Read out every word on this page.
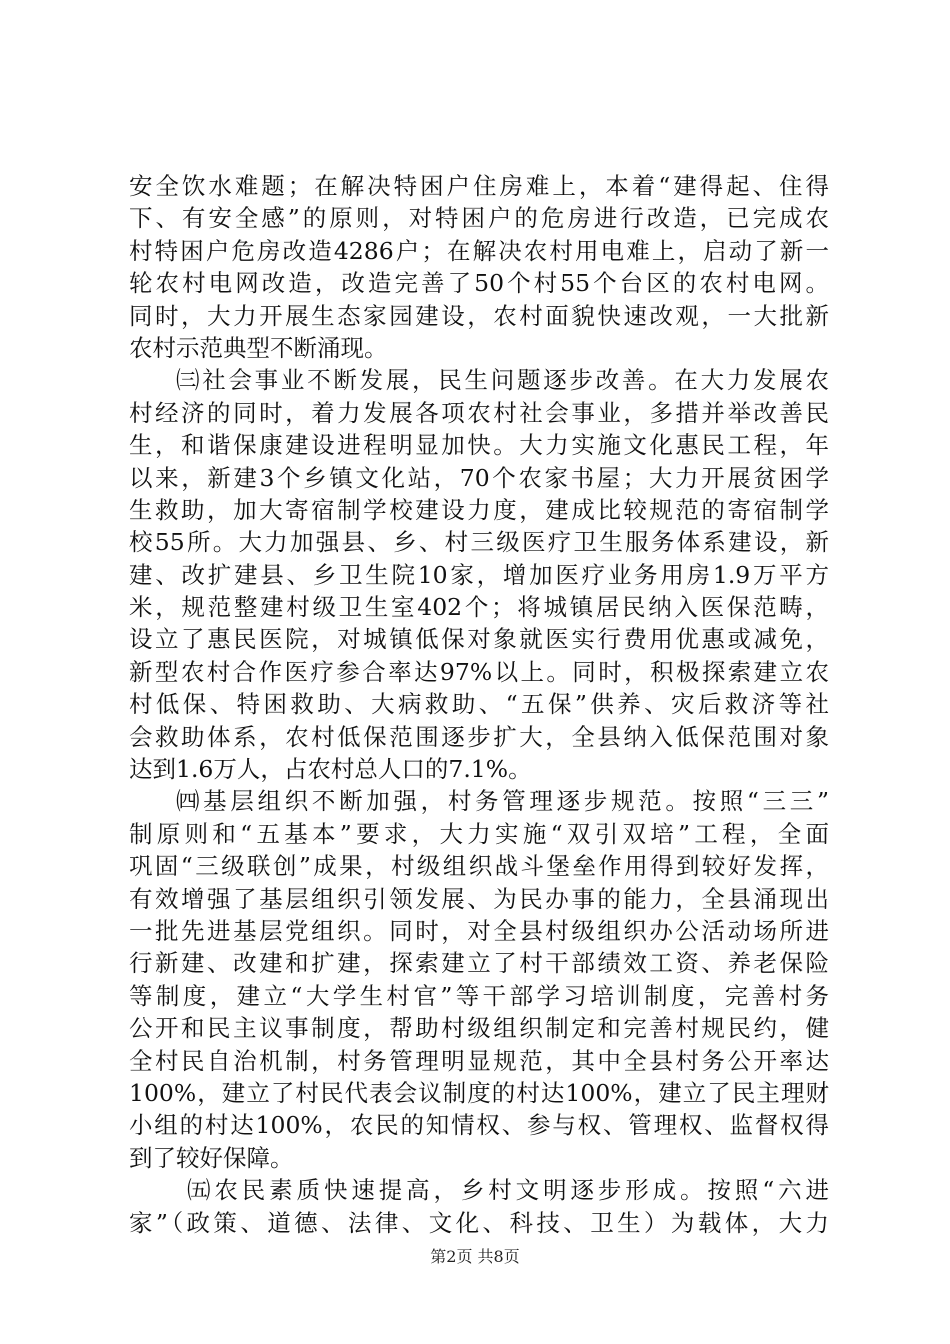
安全饮水难题；在解决特困户住房难上，本着“建得起、住得
下、有安全感”的原则，对特困户的危房进行改造，已完成农
村特困户危房改造4286户；在解决农村用电难上，启动了新一
轮农村电网改造，改造完善了50个村55个台区的农村电网。
同时，大力开展生态家园建设，农村面貌快速改观，一大批新
农村示范典型不断涌现。
㈢社会事业不断发展，民生问题逐步改善。在大力发展农
村经济的同时，着力发展各项农村社会事业，多措并举改善民
生，和谐保康建设进程明显加快。大力实施文化惠民工程，年
以来，新建3个乡镇文化站，70个农家书屋；大力开展贫困学
生救助，加大寄宿制学校建设力度，建成比较规范的寄宿制学
校55所。大力加强县、乡、村三级医疗卫生服务体系建设，新
建、改扩建县、乡卫生院10家，增加医疗业务用房1.9万平方
米，规范整建村级卫生室402个；将城镇居民纳入医保范畴，
设立了惠民医院，对城镇低保对象就医实行费用优惠或减免，
新型农村合作医疗参合率达97%以上。同时，积极探索建立农
村低保、特困救助、大病救助、“五保”供养、灾后救济等社
会救助体系，农村低保范围逐步扩大，全县纳入低保范围对象
达到1.6万人，占农村总人口的7.1%。
㈣基层组织不断加强，村务管理逐步规范。按照“三三”
制原则和“五基本”要求，大力实施“双引双培”工程，全面
巩固“三级联创”成果，村级组织战斗堡垒作用得到较好发挥，
有效增强了基层组织引领发展、为民办事的能力，全县涌现出
一批先进基层党组织。同时，对全县村级组织办公活动场所进
行新建、改建和扩建，探索建立了村干部绩效工资、养老保险
等制度，建立“大学生村官”等干部学习培训制度，完善村务
公开和民主议事制度，帮助村级组织制定和完善村规民约，健
全村民自治机制，村务管理明显规范，其中全县村务公开率达
100%，建立了村民代表会议制度的村达100%，建立了民主理财
小组的村达100%，农民的知情权、参与权、管理权、监督权得
到了较好保障。
㈤农民素质快速提高，乡村文明逐步形成。按照“六进
家”（政策、道德、法律、文化、科技、卫生）为载体，大力
第2页 共8页
